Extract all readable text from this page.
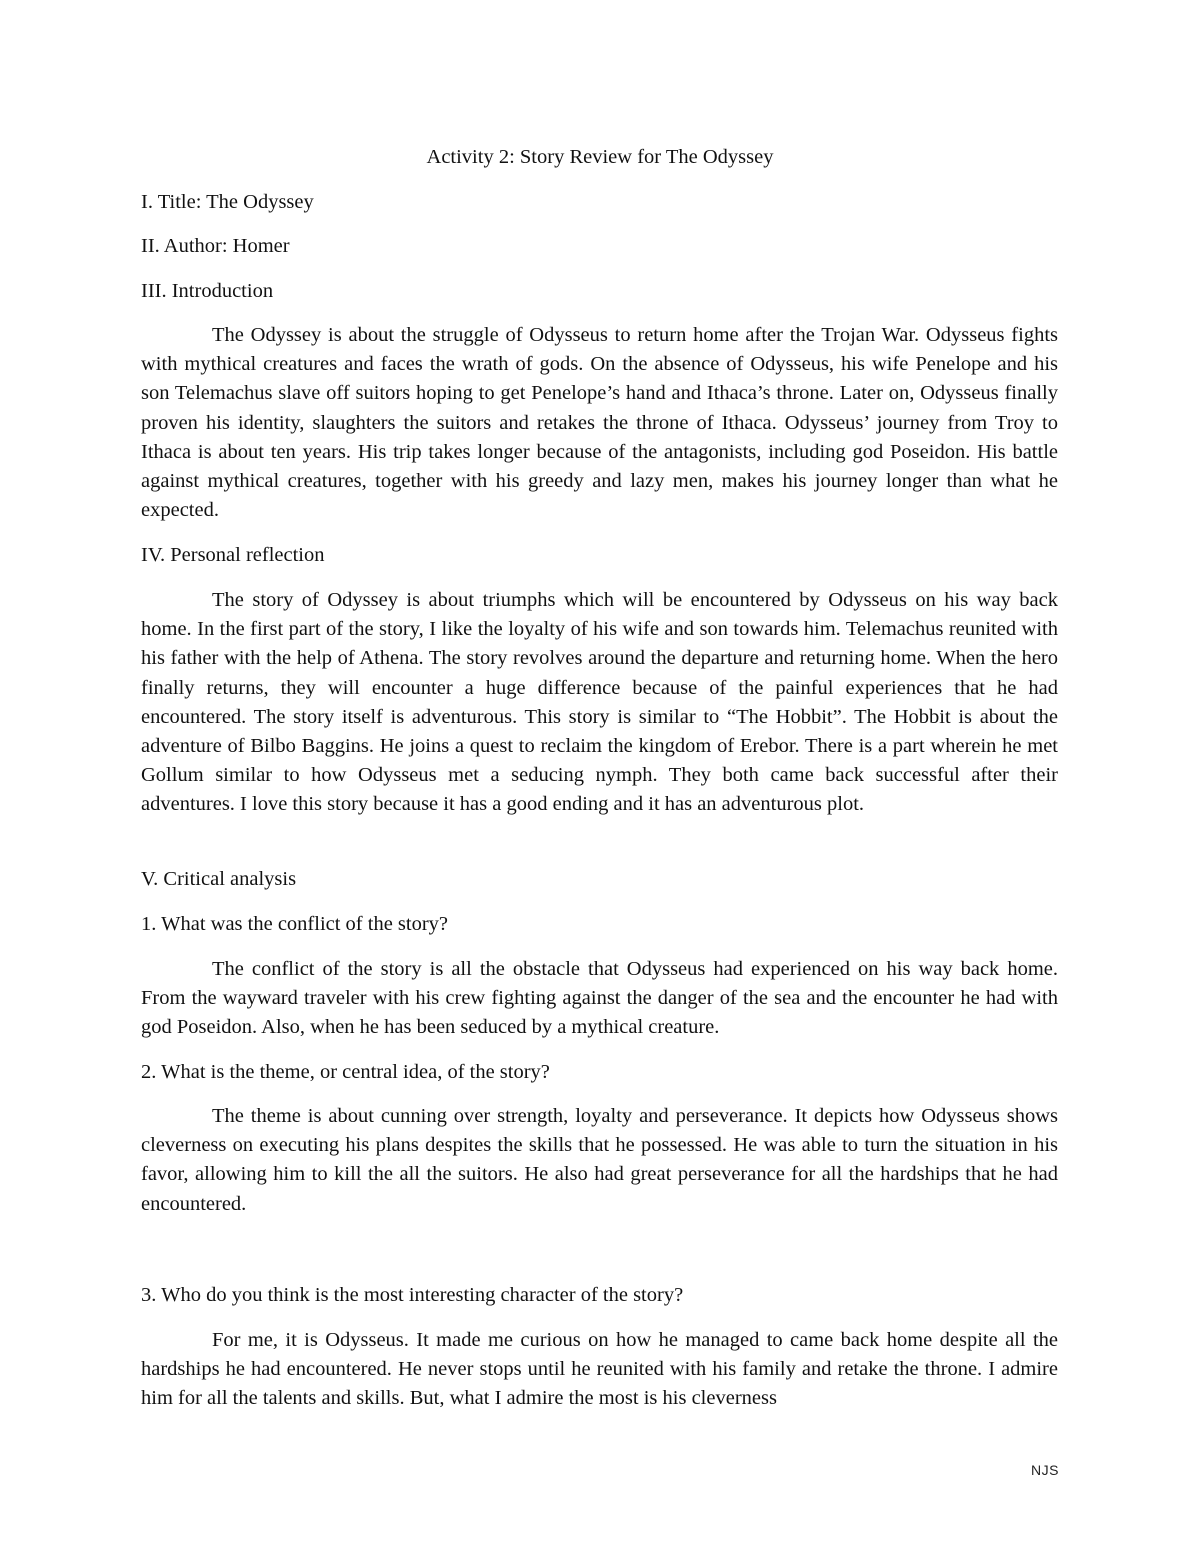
Activity 2: Story Review for The Odyssey
I. Title: The Odyssey
II. Author: Homer
III. Introduction
The Odyssey is about the struggle of Odysseus to return home after the Trojan War. Odysseus fights with mythical creatures and faces the wrath of gods. On the absence of Odysseus, his wife Penelope and his son Telemachus slave off suitors hoping to get Penelope’s hand and Ithaca’s throne. Later on, Odysseus finally proven his identity, slaughters the suitors and retakes the throne of Ithaca. Odysseus’ journey from Troy to Ithaca is about ten years. His trip takes longer because of the antagonists, including god Poseidon. His battle against mythical creatures, together with his greedy and lazy men, makes his journey longer than what he expected.
IV. Personal reflection
The story of Odyssey is about triumphs which will be encountered by Odysseus on his way back home. In the first part of the story, I like the loyalty of his wife and son towards him. Telemachus reunited with his father with the help of Athena. The story revolves around the departure and returning home. When the hero finally returns, they will encounter a huge difference because of the painful experiences that he had encountered. The story itself is adventurous. This story is similar to “The Hobbit”. The Hobbit is about the adventure of Bilbo Baggins. He joins a quest to reclaim the kingdom of Erebor. There is a part wherein he met Gollum similar to how Odysseus met a seducing nymph. They both came back successful after their adventures. I love this story because it has a good ending and it has an adventurous plot.
V. Critical analysis
1. What was the conflict of the story?
The conflict of the story is all the obstacle that Odysseus had experienced on his way back home. From the wayward traveler with his crew fighting against the danger of the sea and the encounter he had with god Poseidon. Also, when he has been seduced by a mythical creature.
2. What is the theme, or central idea, of the story?
The theme is about cunning over strength, loyalty and perseverance. It depicts how Odysseus shows cleverness on executing his plans despites the skills that he possessed. He was able to turn the situation in his favor, allowing him to kill the all the suitors. He also had great perseverance for all the hardships that he had encountered.
3. Who do you think is the most interesting character of the story?
For me, it is Odysseus. It made me curious on how he managed to came back home despite all the hardships he had encountered. He never stops until he reunited with his family and retake the throne. I admire him for all the talents and skills. But, what I admire the most is his cleverness
NJS
